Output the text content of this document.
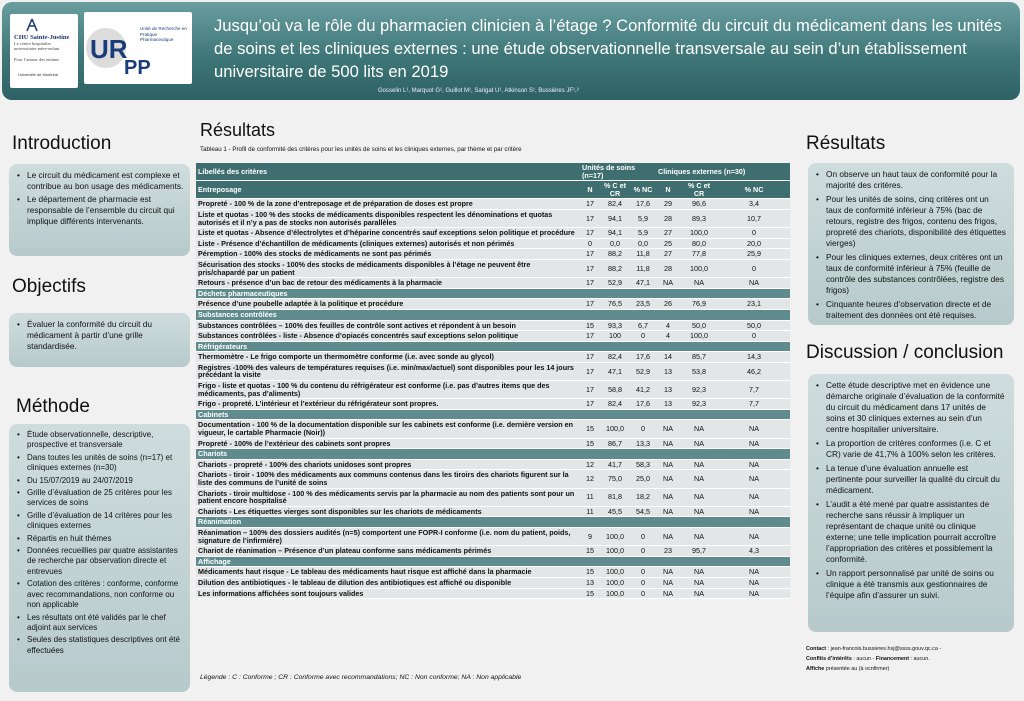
CHU Sainte-Justine
Le centre hospitalier universitaire mère-enfant
Pour l’amour des enfants
Université de Montréal
UR
PP
Unité de Recherche en Pratique Pharmaceutique
Jusqu’où va le rôle du pharmacien clinicien à l’étage ? Conformité du circuit du médicament dans les unités de soins et les cliniques externes : une étude observationnelle transversale au sein d’un établissement universitaire de 500 lits en 2019
Gosselin L¹, Marquot G¹, Guillot M¹, Sarigat U¹, Atkinson S¹, Bussières JF¹,²
Introduction
• Le circuit du médicament est complexe et contribue au bon usage des médicaments.
• Le département de pharmacie est responsable de l’ensemble du circuit qui implique différents intervenants.
Objectifs
• Évaluer la conformité du circuit du médicament à partir d’une grille standardisée.
Méthode
• Étude observationnelle, descriptive, prospective et transversale
• Dans toutes les unités de soins (n=17) et cliniques externes (n=30)
• Du 15/07/2019 au 24/07/2019
• Grille d’évaluation de 25 critères pour les services de soins
• Grille d’évaluation de 14 critères pour les cliniques externes
• Répartis en huit thèmes
• Données recueillies par quatre assistantes de recherche par observation directe et entrevues
• Cotation des critères : conforme, conforme avec recommandations, non conforme ou non applicable
• Les résultats ont été validés par le chef adjoint aux services
• Seules des statistiques descriptives ont été effectuées
Résultats
Tableau 1 - Profil de conformité des critères pour les unités de soins et les cliniques externes, par thème et par critère
Libellés des critères	Unités de soins (n=17)			Cliniques externes (n=30)		
Entreposage	N	% C et CR	% NC	N	% C et CR	% NC
Propreté - 100 % de la zone d’entreposage et de préparation de doses est propre	17	82,4	17,6	29	96,6	3,4
Liste et quotas - 100 % des stocks de médicaments disponibles respectent les dénominations et quotas autorisés et il n’y a pas de stocks non autorisés parallèles	17	94,1	5,9	28	89,3	10,7
Liste et quotas - Absence d’électrolytes et d’héparine concentrés sauf exceptions selon politique et procédure	17	94,1	5,9	27	100,0	0
Liste - Présence d’échantillon de médicaments (cliniques externes) autorisés et non périmés	0	0,0	0,0	25	80,0	20,0
Péremption - 100% des stocks de médicaments ne sont pas périmés	17	88,2	11,8	27	77,8	25,9
Sécurisation des stocks - 100% des stocks de médicaments disponibles à l’étage ne peuvent être pris/chapardé par un patient	17	88,2	11,8	28	100,0	0
Retours - présence d’un bac de retour des médicaments à la pharmacie	17	52,9	47,1	NA	NA	NA
Déchets pharmaceutiques						
Présence d’une poubelle adaptée à la politique et procédure	17	76,5	23,5	26	76,9	23,1
Substances contrôlées						
Substances contrôlées – 100% des feuilles de contrôle sont actives et répondent à un besoin	15	93,3	6,7	4	50,0	50,0
Substances contrôlées - liste - Absence d’opiacés concentrés sauf exceptions selon politique	17	100	0	4	100,0	0
Réfrigérateurs						
Thermomètre - Le frigo comporte un thermomètre conforme (i.e. avec sonde au glycol)	17	82,4	17,6	14	85,7	14,3
Registres -100% des valeurs de températures requises (i.e. min/max/actuel) sont disponibles pour les 14 jours précédant la visite	17	47,1	52,9	13	53,8	46,2
Frigo - liste et quotas - 100 % du contenu du réfrigérateur est conforme (i.e. pas d’autres items que des médicaments, pas d’aliments)	17	58,8	41,2	13	92,3	7,7
Frigo - propreté. L’intérieur et l’extérieur du réfrigérateur sont propres.	17	82,4	17,6	13	92,3	7,7
Cabinets						
Documentation - 100 % de la documentation disponible sur les cabinets est conforme (i.e. dernière version en vigueur, le cartable Pharmacie (Noir))	15	100,0	0	NA	NA	NA
Propreté - 100% de l’extérieur des cabinets sont propres	15	86,7	13,3	NA	NA	NA
Chariots						
Chariots - propreté - 100% des chariots unidoses sont propres	12	41,7	58,3	NA	NA	NA
Chariots - tiroir - 100% des médicaments aux communs contenus dans les tiroirs des chariots figurent sur la liste des communs de l’unité de soins	12	75,0	25,0	NA	NA	NA
Chariots - tiroir multidose - 100 % des médicaments servis par la pharmacie au nom des patients sont pour un patient encore hospitalisé	11	81,8	18,2	NA	NA	NA
Chariots - Les étiquettes vierges sont disponibles sur les chariots de médicaments	11	45,5	54,5	NA	NA	NA
Réanimation						
Réanimation – 100% des dossiers audités (n=5) comportent une FOPR-I conforme (i.e. nom du patient, poids, signature de l’infirmière)	9	100,0	0	NA	NA	NA
Chariot de réanimation – Présence d’un plateau conforme sans médicaments périmés	15	100,0	0	23	95,7	4,3
Affichage						
Médicaments haut risque - Le tableau des médicaments haut risque est affiché dans la pharmacie	15	100,0	0	NA	NA	NA
Dilution des antibiotiques - le tableau de dilution des antibiotiques est affiché ou disponible	13	100,0	0	NA	NA	NA
Les informations affichées sont toujours valides	15	100,0	0	NA	NA	NA
Légende : C : Conforme ; CR : Conforme avec recommandations; NC : Non conforme; NA : Non applicable
Résultats
• On observe un haut taux de conformité pour la majorité des critères.
• Pour les unités de soins, cinq critères ont un taux de conformité inférieur à 75% (bac de retours, registre des frigos, contenu des frigos, propreté des chariots, disponibilité des étiquettes vierges)
• Pour les cliniques externes, deux critères ont un taux de conformité inférieur à 75% (feuille de contrôle des substances contrôlées, registre des frigos)
• Cinquante heures d’observation directe et de traitement des données ont été requises.
Discussion / conclusion
• Cette étude descriptive met en évidence une démarche originale d’évaluation de la conformité du circuit du médicament dans 17 unités de soins et 30 cliniques externes au sein d’un centre hospitalier universitaire.
• La proportion de critères conformes (i.e. C et CR) varie de 41,7% à 100% selon les critères.
• La tenue d’une évaluation annuelle est pertinente pour surveiller la qualité du circuit du médicament.
• L’audit a été mené par quatre assistantes de recherche sans réussir à impliquer un représentant de chaque unité ou clinique externe; une telle implication pourrait accroître l’appropriation des critères et possiblement la conformité.
• Un rapport personnalisé par unité de soins ou clinique a été transmis aux gestionnaires de l’équipe afin d’assurer un suivi.
Contact : jean-francois.bussieres.hsj@ssss.gouv.qc.ca -
Conflits d’intérêts : aucun - Financement : aucun.
Affiche présentée au (à ocnfirmer)
